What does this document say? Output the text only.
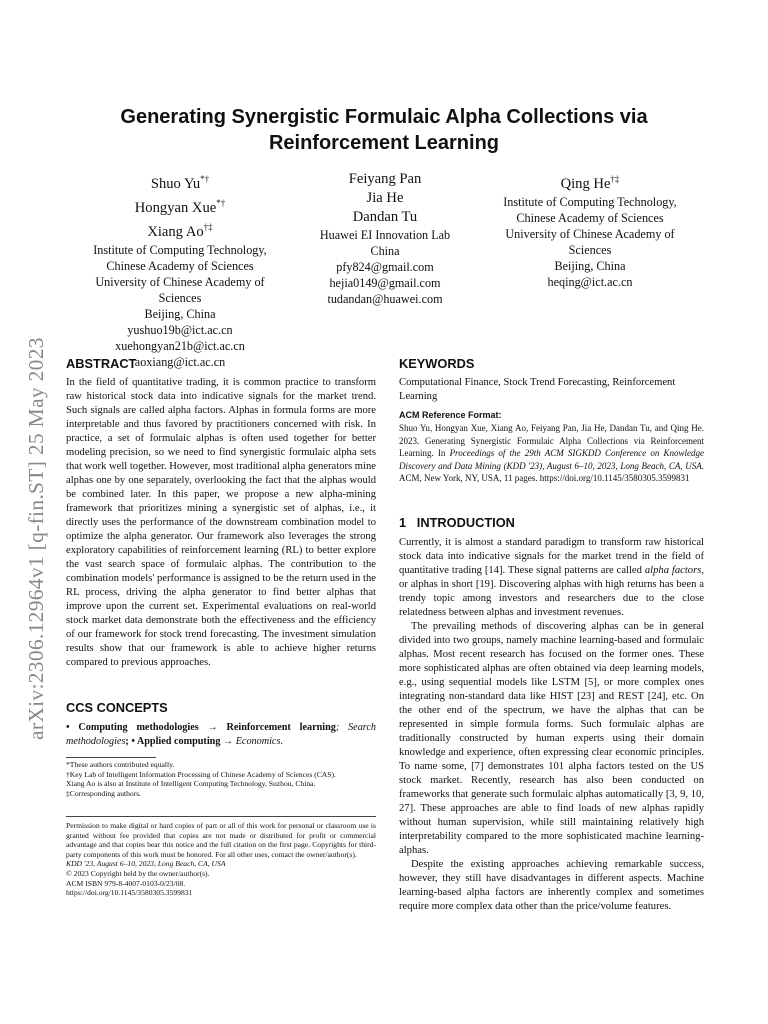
arXiv:2306.12964v1 [q-fin.ST] 25 May 2023
Generating Synergistic Formulaic Alpha Collections via
Reinforcement Learning
Shuo Yu*†
Hongyan Xue*†
Xiang Ao†‡
Institute of Computing Technology,
Chinese Academy of Sciences
University of Chinese Academy of
Sciences
Beijing, China
yushuo19b@ict.ac.cn
xuehongyan21b@ict.ac.cn
aoxiang@ict.ac.cn
Feiyang Pan
Jia He
Dandan Tu
Huawei EI Innovation Lab
China
pfy824@gmail.com
hejia0149@gmail.com
tudandan@huawei.com
Qing He†‡
Institute of Computing Technology,
Chinese Academy of Sciences
University of Chinese Academy of
Sciences
Beijing, China
heqing@ict.ac.cn

ABSTRACT

In the field of quantitative trading, it is common practice to transform raw historical stock data into indicative signals for the market trend. Such signals are called alpha factors. Alphas in formula forms are more interpretable and thus favored by practitioners concerned with risk. In practice, a set of formulaic alphas is often used together for better modeling precision, so we need to find synergistic formulaic alpha sets that work well together. However, most traditional alpha generators mine alphas one by one separately, overlooking the fact that the alphas would be combined later. In this paper, we propose a new alpha-mining framework that prioritizes mining a synergistic set of alphas, i.e., it directly uses the performance of the downstream combination model to optimize the alpha generator. Our framework also leverages the strong exploratory capabilities of reinforcement learning (RL) to better explore the vast search space of formulaic alphas. The contribution to the combination models' performance is assigned to be the return used in the RL process, driving the alpha generator to find better alphas that improve upon the current set. Experimental evaluations on real-world stock market data demonstrate both the effectiveness and the efficiency of our framework for stock trend forecasting. The investment simulation results show that our framework is able to achieve higher returns compared to previous approaches.

CCS CONCEPTS

• Computing methodologies → Reinforcement learning; Search methodologies; • Applied computing → Economics.

*These authors contributed equally.
†Key Lab of Intelligent Information Processing of Chinese Academy of Sciences (CAS).
Xiang Ao is also at Institute of Intelligent Computing Technology, Suzhou, China.
‡Corresponding authors.
Permission to make digital or hard copies of part or all of this work for personal or classroom use is granted without fee provided that copies are not made or distributed for profit or commercial advantage and that copies bear this notice and the full citation on the first page. Copyrights for third-party components of this work must be honored. For all other uses, contact the owner/author(s).
KDD '23, August 6–10, 2023, Long Beach, CA, USA
© 2023 Copyright held by the owner/author(s).
ACM ISBN 979-8-4007-0103-0/23/08.
https://doi.org/10.1145/3580305.3599831

KEYWORDS

Computational Finance, Stock Trend Forecasting, Reinforcement Learning

ACM Reference Format:
Shuo Yu, Hongyan Xue, Xiang Ao, Feiyang Pan, Jia He, Dandan Tu, and Qing He. 2023. Generating Synergistic Formulaic Alpha Collections via Reinforcement Learning. In Proceedings of the 29th ACM SIGKDD Conference on Knowledge Discovery and Data Mining (KDD '23), August 6–10, 2023, Long Beach, CA, USA. ACM, New York, NY, USA, 11 pages. https://doi.org/10.1145/3580305.3599831

1   INTRODUCTION

Currently, it is almost a standard paradigm to transform raw historical stock data into indicative signals for the market trend in the field of quantitative trading [14]. These signal patterns are called alpha factors, or alphas in short [19]. Discovering alphas with high returns has been a trendy topic among investors and researchers due to the close relatedness between alphas and investment revenues.

The prevailing methods of discovering alphas can be in general divided into two groups, namely machine learning-based and formulaic alphas. Most recent research has focused on the former ones. These more sophisticated alphas are often obtained via deep learning models, e.g., using sequential models like LSTM [5], or more complex ones integrating non-standard data like HIST [23] and REST [24], etc. On the other end of the spectrum, we have the alphas that can be represented in simple formula forms. Such formulaic alphas are traditionally constructed by human experts using their domain knowledge and experience, often expressing clear economic principles. To name some, [7] demonstrates 101 alpha factors tested on the US stock market. Recently, research has also been conducted on frameworks that generate such formulaic alphas automatically [3, 9, 10, 27]. These approaches are able to find loads of new alphas rapidly without human supervision, while still maintaining relatively high interpretability compared to the more sophisticated machine learning-alphas.

Despite the existing approaches achieving remarkable success, however, they still have disadvantages in different aspects. Machine learning-based alpha factors are inherently complex and sometimes require more complex data other than the price/volume features.
